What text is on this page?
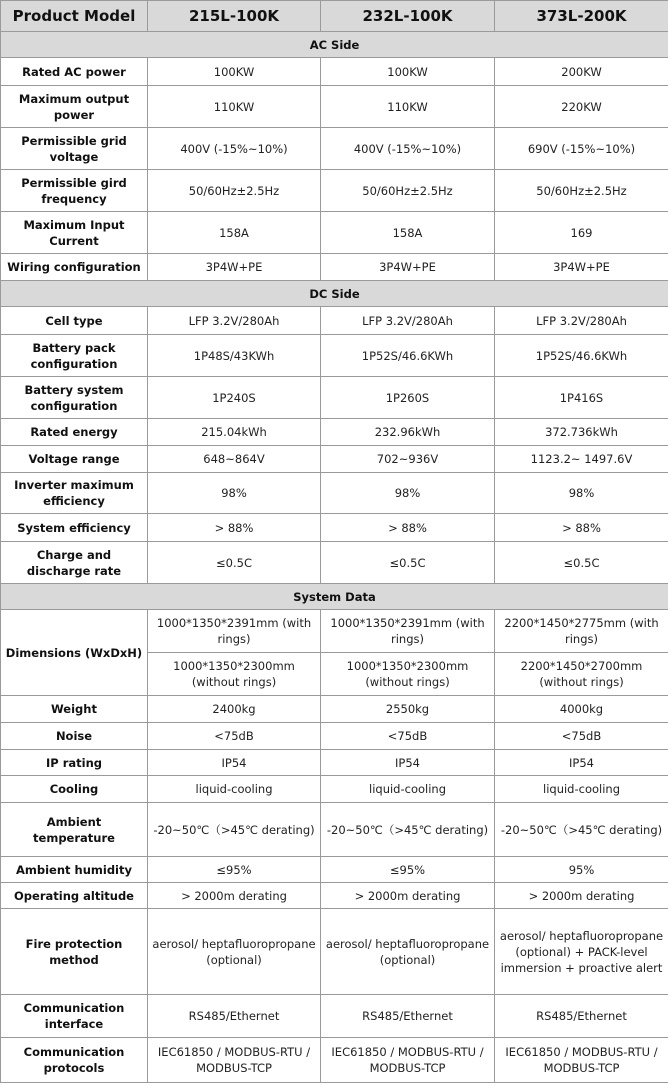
Product Model	215L-100K	232L-100K	373L-200K
AC Side			
Rated AC power	100KW	100KW	200KW
Maximum output power	110KW	110KW	220KW
Permissible grid voltage	400V (-15%~10%)	400V (-15%~10%)	690V (-15%~10%)
Permissible gird frequency	50/60Hz±2.5Hz	50/60Hz±2.5Hz	50/60Hz±2.5Hz
Maximum Input Current	158A	158A	169
Wiring configuration	3P4W+PE	3P4W+PE	3P4W+PE
DC Side			
Cell type	LFP 3.2V/280Ah	LFP 3.2V/280Ah	LFP 3.2V/280Ah
Battery pack configuration	1P48S/43KWh	1P52S/46.6KWh	1P52S/46.6KWh
Battery system configuration	1P240S	1P260S	1P416S
Rated energy	215.04kWh	232.96kWh	372.736kWh
Voltage range	648~864V	702~936V	1123.2~ 1497.6V
Inverter maximum efficiency	98%	98%	98%
System efficiency	> 88%	> 88%	> 88%
Charge and discharge rate	≤0.5C	≤0.5C	≤0.5C
System Data			
Dimensions (WxDxH)	1000*1350*2391mm (with rings)	1000*1350*2391mm (with rings)	2200*1450*2775mm (with rings)
	1000*1350*2300mm (without rings)	1000*1350*2300mm (without rings)	2200*1450*2700mm (without rings)
Weight	2400kg	2550kg	4000kg
Noise	<75dB	<75dB	<75dB
IP rating	IP54	IP54	IP54
Cooling	liquid-cooling	liquid-cooling	liquid-cooling
Ambient temperature	-20~50℃（>45℃ derating)	-20~50℃（>45℃ derating)	-20~50℃（>45℃ derating)
Ambient humidity	≤95%	≤95%	95%
Operating altitude	> 2000m derating	> 2000m derating	> 2000m derating
Fire protection method	aerosol/ heptafluoropropane (optional)	aerosol/ heptafluoropropane (optional)	aerosol/ heptafluoropropane (optional) + PACK-level immersion + proactive alert
Communication interface	RS485/Ethernet	RS485/Ethernet	RS485/Ethernet
Communication protocols	IEC61850 / MODBUS-RTU / MODBUS-TCP	IEC61850 / MODBUS-RTU / MODBUS-TCP	IEC61850 / MODBUS-RTU / MODBUS-TCP
